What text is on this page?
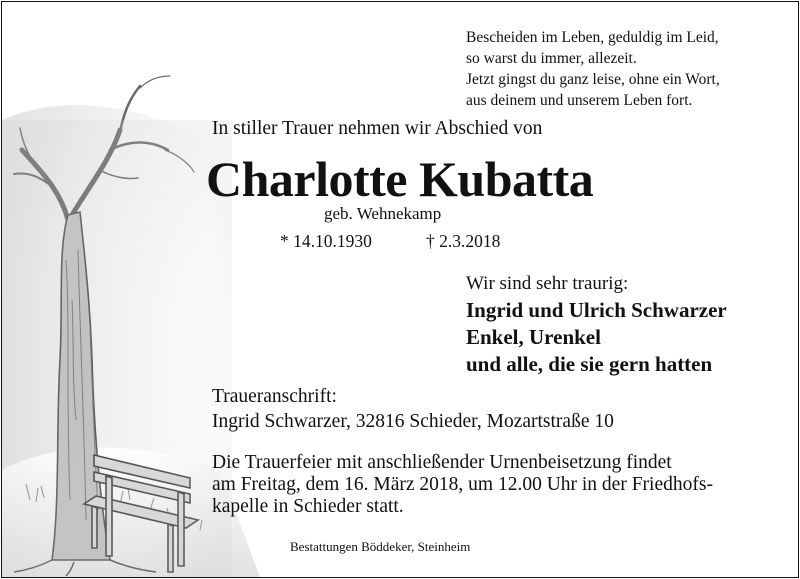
Bescheiden im Leben, geduldig im Leid,
so warst du immer, allezeit.
Jetzt gingst du ganz leise, ohne ein Wort,
aus deinem und unserem Leben fort.

In stiller Trauer nehmen wir Abschied von

Charlotte Kubatta

geb. Wehnekamp

* 14.10.1930	† 2.3.2018

Wir sind sehr traurig:

Ingrid und Ulrich Schwarzer
Enkel, Urenkel
und alle, die sie gern hatten

Traueranschrift:

Ingrid Schwarzer, 32816 Schieder, Mozartstraße 10

Die Trauerfeier mit anschließender Urnenbeisetzung findet
am Freitag, dem 16. März 2018, um 12.00 Uhr in der Friedhofs-
kapelle in Schieder statt.

Bestattungen Böddeker, Steinheim
